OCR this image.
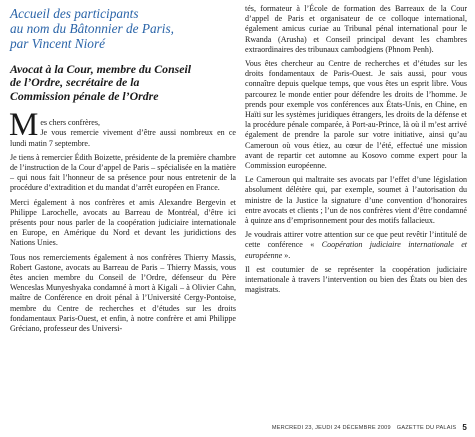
Accueil des participants
au nom du Bâtonnier de Paris,
par Vincent Nioré
Avocat à la Cour, membre du Conseil
de l’Ordre, secrétaire de la
Commission pénale de l’Ordre
M es chers confrères,
Je vous remercie vivement d’être aussi nombreux en ce lundi matin 7 septembre.

Je tiens à remercier Édith Boizette, présidente de la première chambre de l’instruction de la Cour d’appel de Paris – spécialisée en la matière – qui nous fait l’honneur de sa présence pour nous entretenir de la procédure d’extradition et du mandat d’arrêt européen en France.

Merci également à nos confrères et amis Alexandre Bergevin et Philippe Larochelle, avocats au Barreau de Montréal, d’être ici présents pour nous parler de la coopération judiciaire internationale en Europe, en Amérique du Nord et devant les juridictions des Nations Unies.

Tous nos remerciements également à nos confrères Thierry Massis, Robert Gastone, avocats au Barreau de Paris – Thierry Massis, vous êtes ancien membre du Conseil de l’Ordre, défenseur du Père Wenceslas Munyeshyaka condamné à mort à Kigali – à Olivier Cahn, maître de Conférence en droit pénal à l’Université Cergy-Pontoise, membre du Centre de recherches et d’études sur les droits fondamentaux Paris-Ouest, et enfin, à notre confrère et ami Philippe Gréciano, professeur des Universi-

tés, formateur à l’École de formation des Barreaux de la Cour d’appel de Paris et organisateur de ce colloque international, également amicus curiae au Tribunal pénal international pour le Rwanda (Arusha) et Conseil principal devant les chambres extraordinaires des tribunaux cambodgiens (Phnom Penh).

Vous êtes chercheur au Centre de recherches et d’études sur les droits fondamentaux de Paris-Ouest. Je sais aussi, pour vous connaître depuis quelque temps, que vous êtes un esprit libre. Vous parcourez le monde entier pour défendre les droits de l’homme. Je prends pour exemple vos conférences aux États-Unis, en Chine, en Haïti sur les systèmes juridiques étrangers, les droits de la défense et la procédure pénale comparée, à Port-au-Prince, là où il m’est arrivé également de prendre la parole sur votre initiative, ainsi qu’au Cameroun où vous étiez, au cœur de l’été, effectué une mission avant de repartir cet automne au Kosovo comme expert pour la Commission européenne.

Le Cameroun qui maltraite ses avocats par l’effet d’une législation absolument délétère qui, par exemple, soumet à l’autorisation du ministre de la Justice la signature d’une convention d’honoraires entre avocats et clients ; l’un de nos confrères vient d’être condamné à quinze ans d’emprisonnement pour des motifs fallacieux.

Je voudrais attirer votre attention sur ce que peut revêtir l’intitulé de cette conférence « Coopération judiciaire internationale et européenne ».

Il est coutumier de se représenter la coopération judiciaire internationale à travers l’intervention ou bien des États ou bien des magistrats.

MERCREDI 23, JEUDI 24 DÉCEMBRE 2009 GAZETTE DU PALAIS 5
